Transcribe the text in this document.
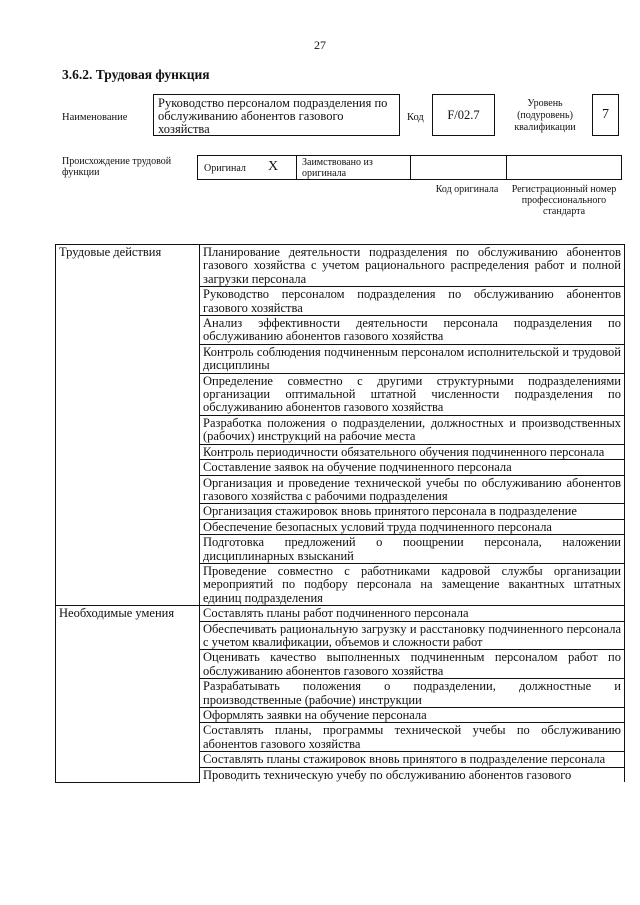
27
3.6.2. Трудовая функция
Наименование
Руководство персоналом подразделения по обслуживанию абонентов газового хозяйства
Код	F/02.7
Уровень (подуровень) квалификации
7
Происхождение трудовой функции	Оригинал X Заимствовано из оригинала
Код оригинала	Регистрационный номер профессионального стандарта
Трудовые действия	Планирование деятельности подразделения по обслуживанию абонентов газового хозяйства с учетом рационального распределения работ и полной загрузки персонала
	Руководство персоналом подразделения по обслуживанию абонентов газового хозяйства
	Анализ эффективности деятельности персонала подразделения по обслуживанию абонентов газового хозяйства
	Контроль соблюдения подчиненным персоналом исполнительской и трудовой дисциплины
	Определение совместно с другими структурными подразделениями организации оптимальной штатной численности подразделения по обслуживанию абонентов газового хозяйства
	Разработка положения о подразделении, должностных и производственных (рабочих) инструкций на рабочие места
	Контроль периодичности обязательного обучения подчиненного персонала
	Составление заявок на обучение подчиненного персонала
	Организация и проведение технической учебы по обслуживанию абонентов газового хозяйства с рабочими подразделения
	Организация стажировок вновь принятого персонала в подразделение
	Обеспечение безопасных условий труда подчиненного персонала
	Подготовка предложений о поощрении персонала, наложении дисциплинарных взысканий
	Проведение совместно с работниками кадровой службы организации мероприятий по подбору персонала на замещение вакантных штатных единиц подразделения
Необходимые умения	Составлять планы работ подчиненного персонала
	Обеспечивать рациональную загрузку и расстановку подчиненного персонала с учетом квалификации, объемов и сложности работ
	Оценивать качество выполненных подчиненным персоналом работ по обслуживанию абонентов газового хозяйства
	Разрабатывать положения о подразделении, должностные и производственные (рабочие) инструкции
	Оформлять заявки на обучение персонала
	Составлять планы, программы технической учебы по обслуживанию абонентов газового хозяйства
	Составлять планы стажировок вновь принятого в подразделение персонала
	Проводить техническую учебу по обслуживанию абонентов газового
